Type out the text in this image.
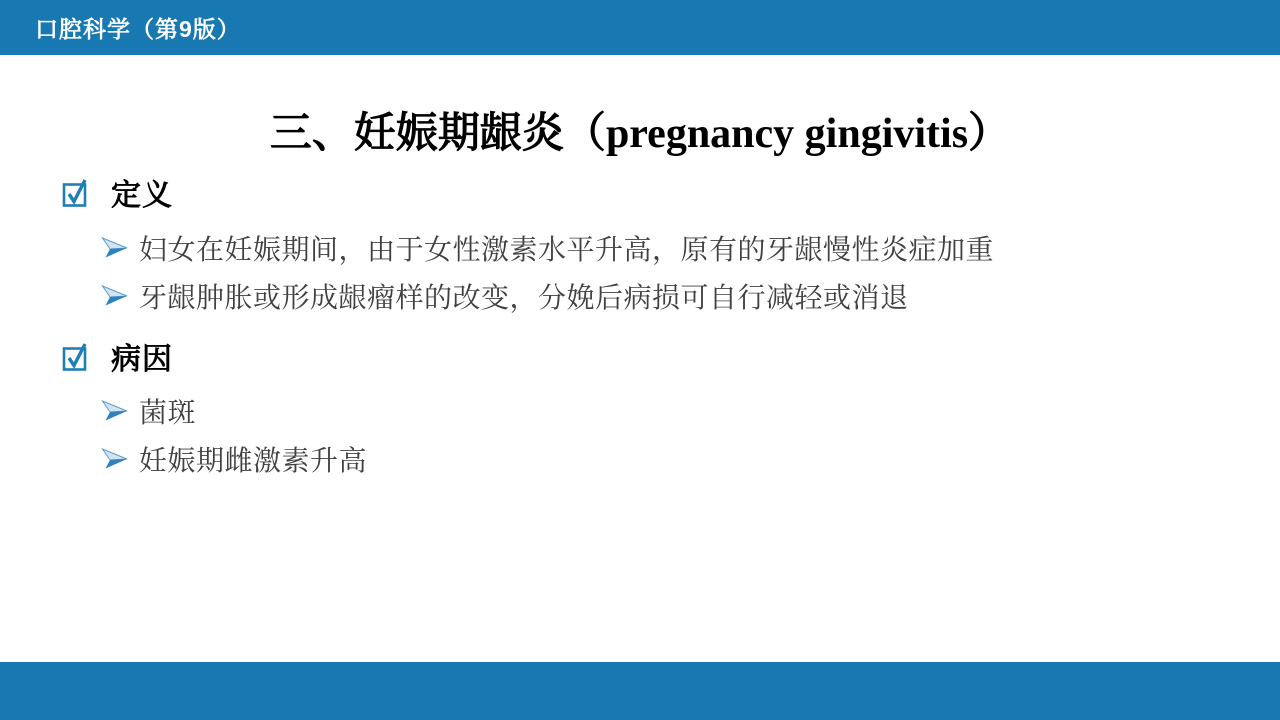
口腔科学（第9版）
三、妊娠期龈炎（pregnancy gingivitis）
定义
妇女在妊娠期间，由于女性激素水平升高，原有的牙龈慢性炎症加重
牙龈肿胀或形成龈瘤样的改变，分娩后病损可自行减轻或消退
病因
菌斑
妊娠期雌激素升高
